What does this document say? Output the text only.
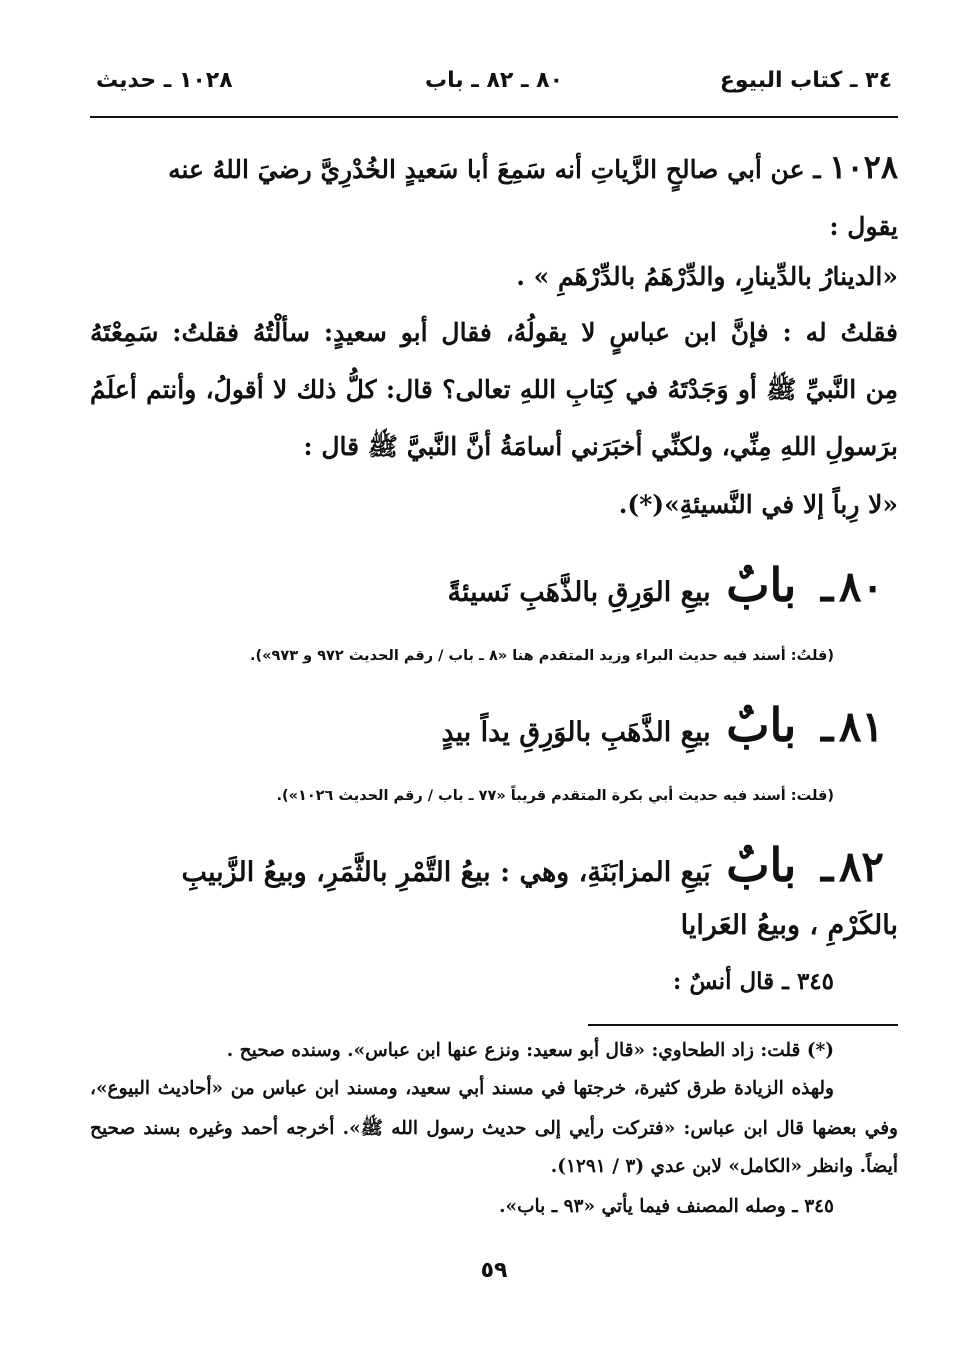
٣٤ ـ كتاب البيوع
٨٠ ـ ٨٢ ـ باب
١٠٢٨ ـ حديث
١٠٢٨ ـ عن أبي صالحٍ الزَّياتِ أنه سَمِعَ أبا سَعيدٍ الخُدْرِيَّ رضيَ اللهُ عنه
يقول :
«الدينارُ بالدِّينارِ، والدِّرْهَمُ بالدِّرْهَمِ » .
فقلتُ له : فإنَّ ابن عباسٍ لا يقولُهُ، فقال أبو سعيدٍ: سألْتُهُ فقلتُ: سَمِعْتَهُ
مِن النَّبيِّ ﷺ أو وَجَدْتَهُ في كِتابِ اللهِ تعالى؟ قال: كلُّ ذلك لا أقولُ، وأنتم أعلَمُ
برَسولِ اللهِ مِنِّي، ولكنِّي أخبَرَني أسامَةُ أنَّ النَّبيَّ ﷺ قال :
«لا رِباً إلا في النَّسيئةِ»(*).
٨٠ ـ بابٌ بيعِ الوَرِقِ بالذَّهَبِ نَسيئةً
(قلتُ: أسند فيه حديث البراء وزيد المتقدم هنا «٨ ـ باب / رقم الحديث ٩٧٢ و ٩٧٣»).
٨١ ـ بابٌ بيعِ الذَّهَبِ بالوَرِقِ يداً بيدٍ
(قلت: أسند فيه حديث أبي بكرة المتقدم قريباً «٧٧ ـ باب / رقم الحديث ١٠٢٦»).
٨٢ ـ بابٌ بَيعِ المزابَنَةِ، وهي : بيعُ التَّمْرِ بالثَّمَرِ، وبيعُ الزَّبيبِ
بالكَرْمِ ، وبيعُ العَرايا
٣٤٥ ـ قال أنسٌ :
(*) قلت: زاد الطحاوي: «قال أبو سعيد: ونزع عنها ابن عباس». وسنده صحيح .
ولهذه الزيادة طرق كثيرة، خرجتها في مسند أبي سعيد، ومسند ابن عباس من «أحاديث البيوع»،
وفي بعضها قال ابن عباس: «فتركت رأيي إلى حديث رسول الله ﷺ». أخرجه أحمد وغيره بسند صحيح
أيضاً. وانظر «الكامل» لابن عدي (٣ / ١٢٩١).
٣٤٥ ـ وصله المصنف فيما يأتي «٩٣ ـ باب».
٥٩
